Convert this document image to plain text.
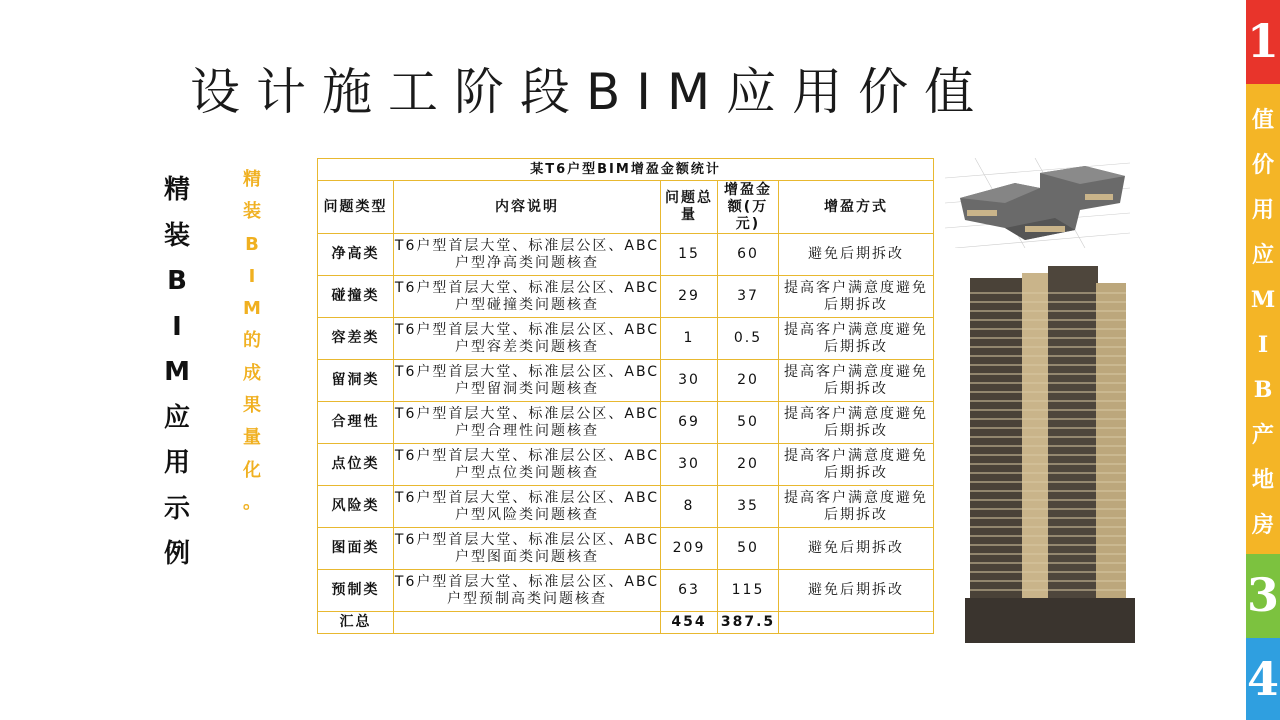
设计施工阶段BIM应用价值
精
装
B
I
M
应
用
示
例
精
装
B
I
M
的
成
果
量
化
。
某T6户型BIM增盈金额统计				
问题类型	内容说明	问题总量	增盈金额(万元)	增盈方式
净高类	T6户型首层大堂、标准层公区、ABC户型净高类问题核查	15	60	避免后期拆改
碰撞类	T6户型首层大堂、标准层公区、ABC户型碰撞类问题核查	29	37	提高客户满意度避免后期拆改
容差类	T6户型首层大堂、标准层公区、ABC户型容差类问题核查	1	0.5	提高客户满意度避免后期拆改
留洞类	T6户型首层大堂、标准层公区、ABC户型留洞类问题核查	30	20	提高客户满意度避免后期拆改
合理性	T6户型首层大堂、标准层公区、ABC户型合理性问题核查	69	50	提高客户满意度避免后期拆改
点位类	T6户型首层大堂、标准层公区、ABC户型点位类问题核查	30	20	提高客户满意度避免后期拆改
风险类	T6户型首层大堂、标准层公区、ABC户型风险类问题核查	8	35	提高客户满意度避免后期拆改
图面类	T6户型首层大堂、标准层公区、ABC户型图面类问题核查	209	50	避免后期拆改
预制类	T6户型首层大堂、标准层公区、ABC户型预制高类问题核查	63	115	避免后期拆改
汇总		454	387.5	
1
3
4
值
价
用
应
M
I
B
产
地
房
